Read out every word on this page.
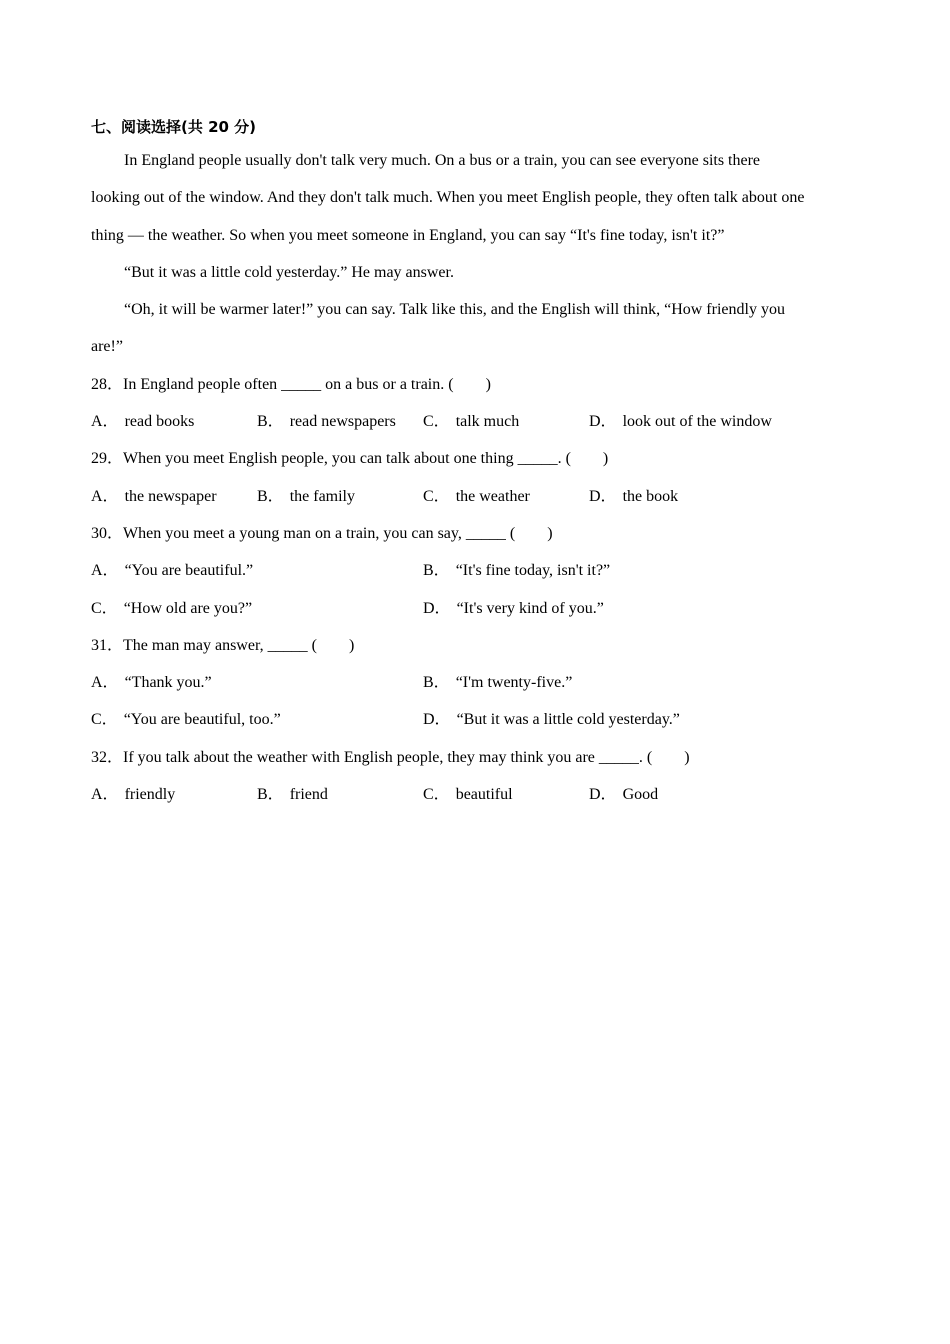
七、阅读选择(共 20 分)

In England people usually don't talk very much. On a bus or a train, you can see everyone sits there looking out of the window. And they don't talk much. When you meet English people, they often talk about one thing — the weather. So when you meet someone in England, you can say “It's fine today, isn't it?”

“But it was a little cold yesterday.” He may answer.

“Oh, it will be warmer later!” you can say. Talk like this, and the English will think, “How friendly you are!”

28．In England people often _____ on a bus or a train. (　　)
A． read books	B． read newspapers	C． talk much	D． look out of the window
29．When you meet English people, you can talk about one thing _____. (　　)
A． the newspaper	B． the family	C． the weather	D． the book
30．When you meet a young man on a train, you can say, _____ (　　)
A． “You are beautiful.”	B． “It's fine today, isn't it?”
C． “How old are you?”	D． “It's very kind of you.”
31．The man may answer, _____ (　　)
A． “Thank you.”	B． “I'm twenty-five.”
C． “You are beautiful, too.”	D． “But it was a little cold yesterday.”
32．If you talk about the weather with English people, they may think you are _____. (　　)
A． friendly	B． friend	C． beautiful	D． Good
